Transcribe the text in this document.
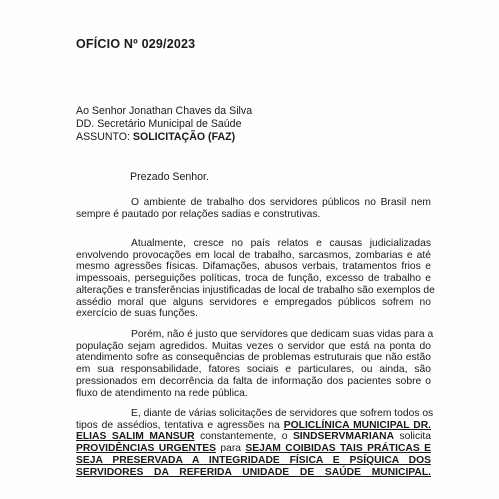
OFÍCIO Nº 029/2023
Ao Senhor Jonathan Chaves da Silva
DD. Secretário Municipal de Saúde
ASSUNTO: SOLICITAÇÃO (FAZ)
Prezado Senhor.
O ambiente de trabalho dos servidores públicos no Brasil nem
sempre é pautado por relações sadias e construtivas.
Atualmente, cresce no país relatos e causas judicializadas
envolvendo provocações em local de trabalho, sarcasmos, zombarias e até
mesmo agressões físicas. Difamações, abusos verbais, tratamentos frios e
impessoais, perseguições políticas, troca de função, excesso de trabalho e
alterações e transferências injustificadas de local de trabalho são exemplos de
assédio moral que alguns servidores e empregados públicos sofrem no
exercício de suas funções.
Porém, não é justo que servidores que dedicam suas vidas para a
população sejam agredidos. Muitas vezes o servidor que está na ponta do
atendimento sofre as consequências de problemas estruturais que não estão
em sua responsabilidade, fatores sociais e particulares, ou ainda, são
pressionados em decorrência da falta de informação dos pacientes sobre o
fluxo de atendimento na rede pública.
E, diante de várias solicitações de servidores que sofrem todos os
tipos de assédios, tentativa e agressões na POLICLÍNICA MUNICIPAL DR.
ELIAS SALIM MANSUR constantemente, o SINDSERVMARIANA solicita
PROVIDÊNCIAS URGENTES para SEJAM COIBIDAS TAIS PRÁTICAS E
SEJA PRESERVADA A INTEGRIDADE FÍSICA E PSÍQUICA DOS
SERVIDORES DA REFERIDA UNIDADE DE SAÚDE MUNICIPAL.
